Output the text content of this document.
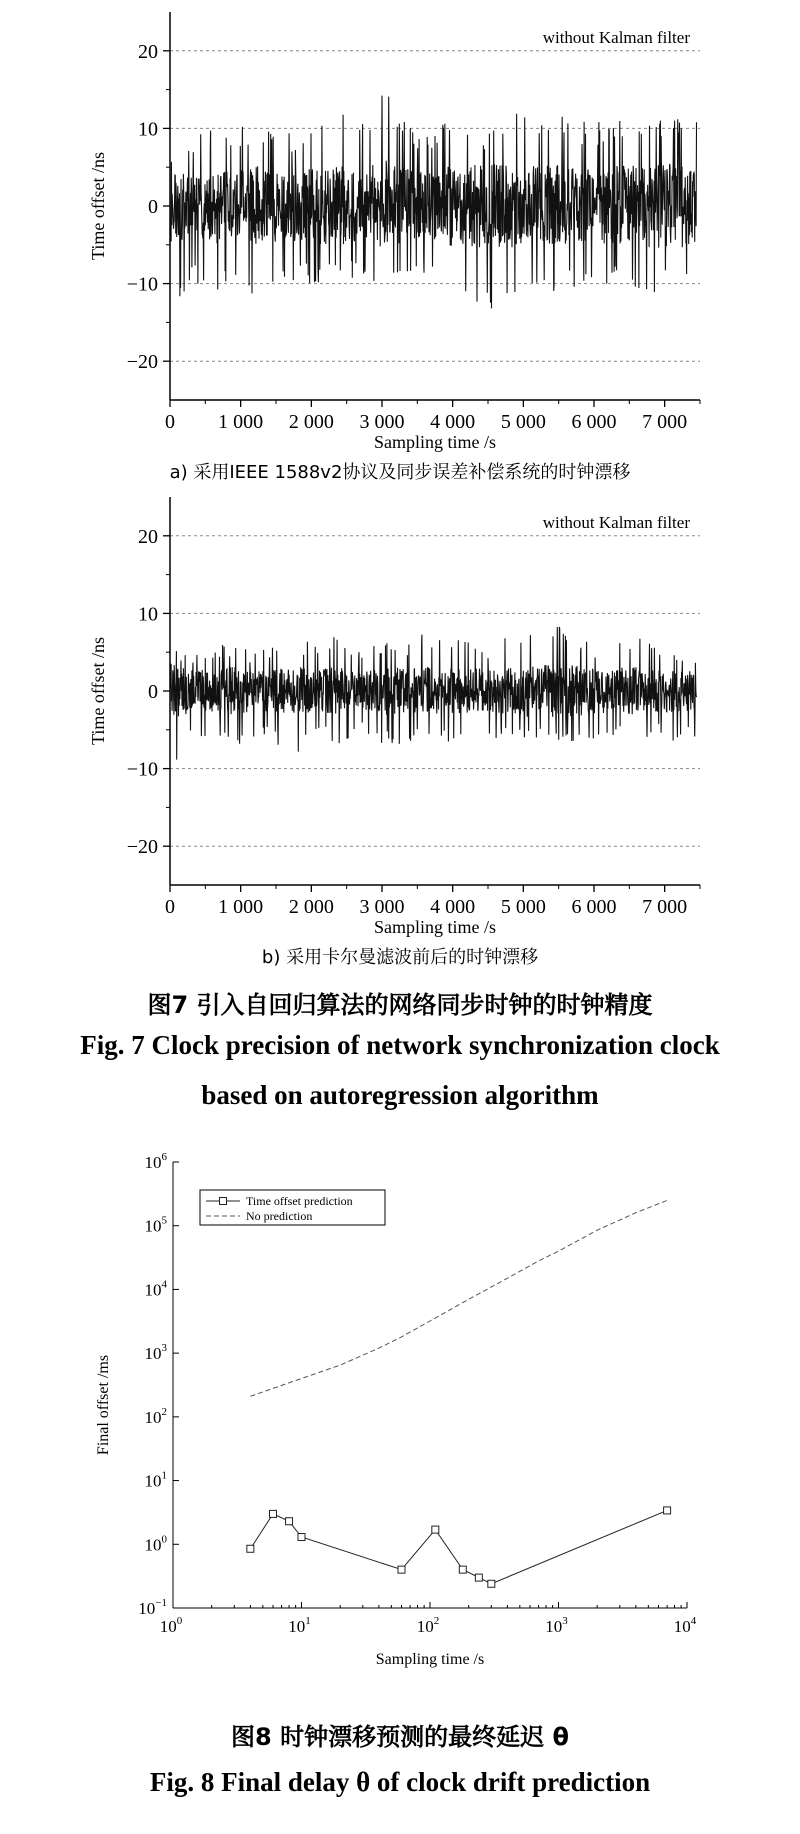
−20
−10
0
10
20
0 1 000 2 000 3 000 4 000 5 000 6 000 7 000
without Kalman filter
Sampling time /s
Time offset /ns
a) 采用IEEE 1588v2协议及同步误差补偿系统的时钟漂移
−20
−10
0
10
20
0 1 000 2 000 3 000 4 000 5 000 6 000 7 000
without Kalman filter
Sampling time /s
Time offset /ns
b) 采用卡尔曼滤波前后的时钟漂移
图7 引入自回归算法的网络同步时钟的时钟精度
Fig. 7 Clock precision of network synchronization clock
based on autoregression algorithm
$10^0$	$10^1$	$10^2$	$10^3$	$10^4$
$10^{-1}$
$10^0$
$10^1$
$10^2$
$10^3$
$10^4$
$10^5$
$10^6$
Time offset prediction
No prediction
Sampling time /s
Final offset /ms
图8 时钟漂移预测的最终延迟 θ
Fig. 8 Final delay θ of clock drift prediction
